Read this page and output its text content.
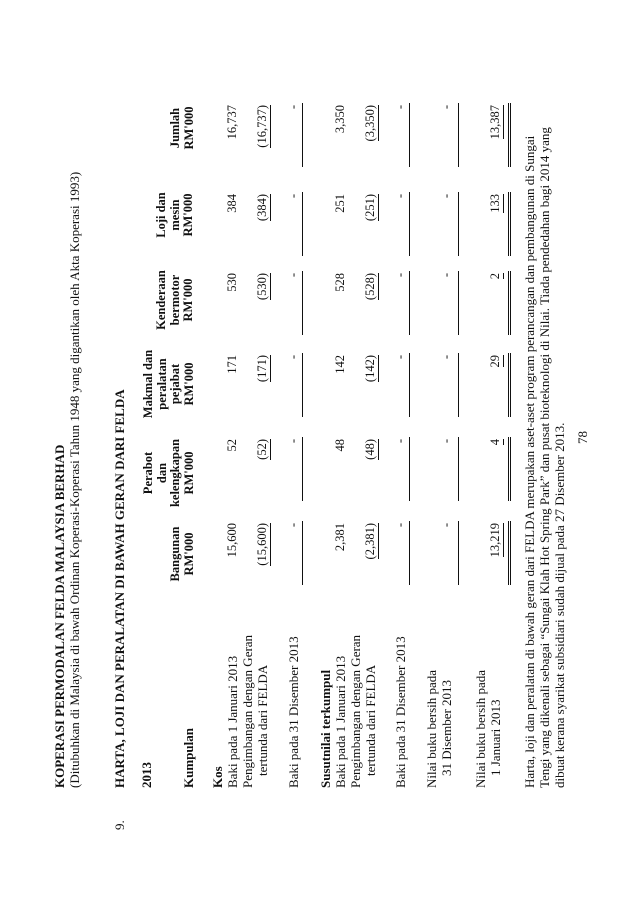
KOPERASI PERMODALAN FELDA MALAYSIA BERHAD (Ditubuhkan di Malaysia di bawah Ordinan Koperasi-Koperasi Tahun 1948 yang digantikan oleh Akta Koperasi 1993)
9.
HARTA, LOJI DAN PERALATAN DI BAWAH GERAN DARI FELDA 2013 Kumpulan
Bangunan RM'000
Perabot dan kelengkapan RM'000
Makmal dan peralatan pejabat RM'000
Kenderaan bermotor RM'000
Loji dan mesin RM'000
Jumlah RM'000
Kos Baki pada 1 Januari 2013 Pengimbangan dengan Geran tertunda dari FELDA Baki pada 31 Disember 2013 Susutnilai terkumpul Baki pada 1 Januari 2013 Pengimbangan dengan Geran tertunda dari FELDA Baki pada 31 Disember 2013 Nilai buku bersih pada 31 Disember 2013 Nilai buku bersih pada 1 Januari 2013
15,600
52
171
530
384
16,737
(15,600)
(52)
(171)
(530)
(384)
(16,737)
-
-
-
-
-
-
2,381
48
142
528
251
3,350
(2,381)
(48)
(142)
(528)
(251)
(3,350)
-
-
-
-
-
-
-
-
-
-
-
-
13,219
4
29
2
133
13,387
Harta, loji dan peralatan di bawah geran dari FELDA merupakan aset-aset program perancangan dan pembangunan di Sungai Tengi yang dikenali sebagai “Sungai Klah Hot Spring Park” dan pusat bioteknologi di Nilai. Tiada pendedahan bagi 2014 yang dibuat kerana syarikat subsidiari sudah dijual pada 27 Disember 2013. 78
